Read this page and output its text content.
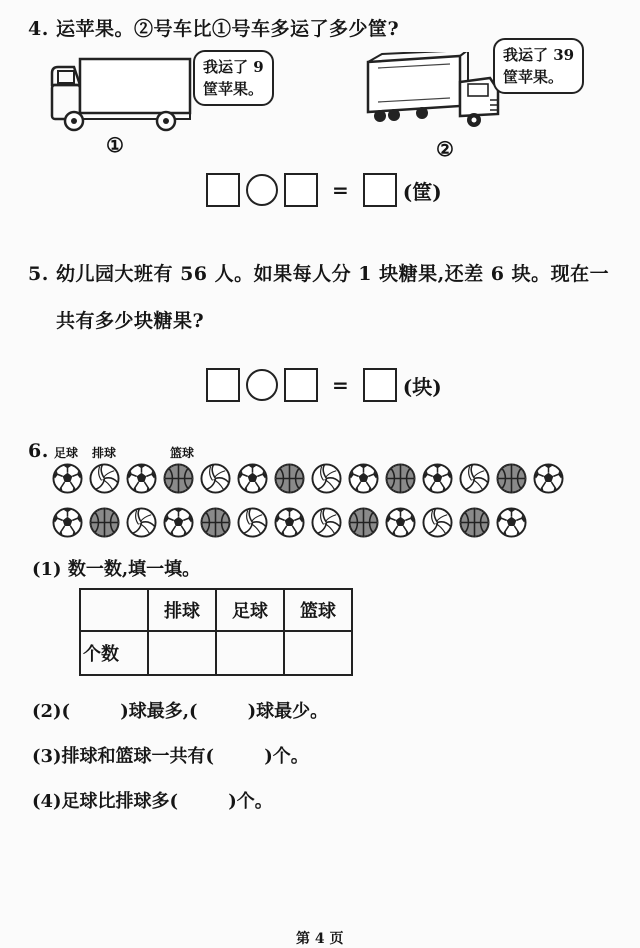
4. 运苹果。②号车比①号车多运了多少筐?
我运了 9
筐苹果。
①
我运了 39
筐苹果。
②
=	(筐)
5. 幼儿园大班有 56 人。如果每人分 1 块糖果,还差 6 块。现在一
共有多少块糖果?
=	(块)
6. 足球 排球	篮球
(1) 数一数,填一填。
	排球	足球	篮球
个数			
(2)(        )球最多,(        )球最少。
(3)排球和篮球一共有(        )个。
(4)足球比排球多(        )个。
第 4 页
